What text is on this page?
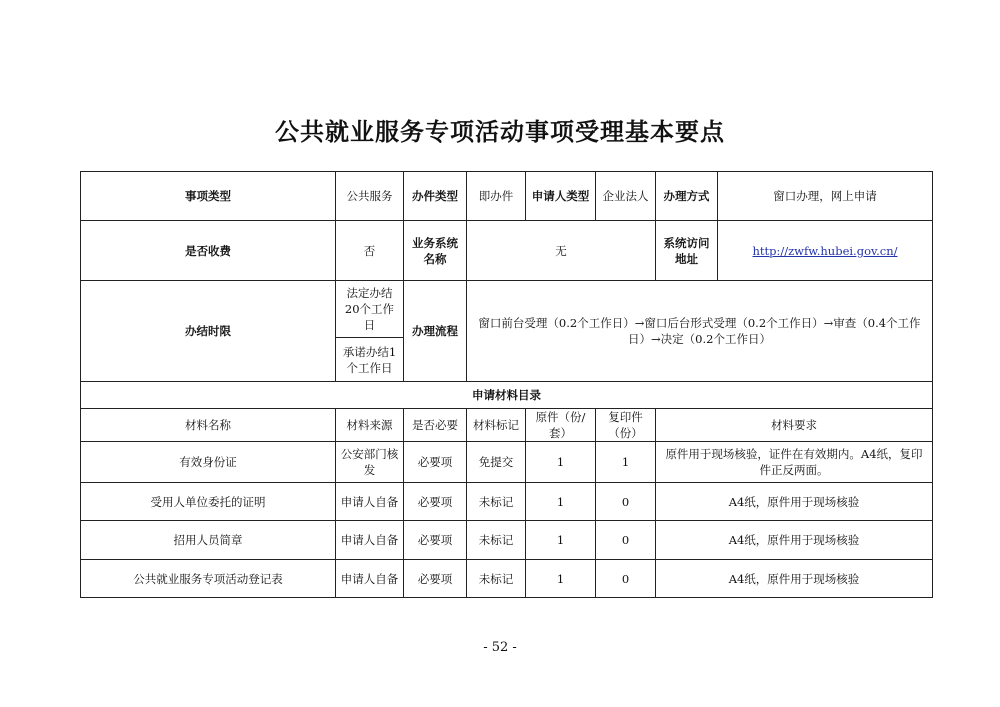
公共就业服务专项活动事项受理基本要点
事项类型	公共服务	办件类型	即办件	申请人类型	企业法人	办理方式	窗口办理，网上申请
是否收费	否	业务系统名称	无			系统访问地址	http://zwfw.hubei.gov.cn/
办结时限	法定办结20个工作日	办理流程	窗口前台受理（0.2个工作日）→窗口后台形式受理（0.2个工作日）→审查（0.4个工作日）→决定（0.2个工作日）				
	承诺办结1个工作日						
申请材料目录							
材料名称	材料来源	是否必要	材料标记	原件（份/套）	复印件（份）	材料要求	
有效身份证	公安部门核发	必要项	免提交	1	1	原件用于现场核验，证件在有效期内。A4纸，复印件正反两面。	
受用人单位委托的证明	申请人自备	必要项	未标记	1	0	A4纸，原件用于现场核验	
招用人员简章	申请人自备	必要项	未标记	1	0	A4纸，原件用于现场核验	
公共就业服务专项活动登记表	申请人自备	必要项	未标记	1	0	A4纸，原件用于现场核验	
- 52 -
